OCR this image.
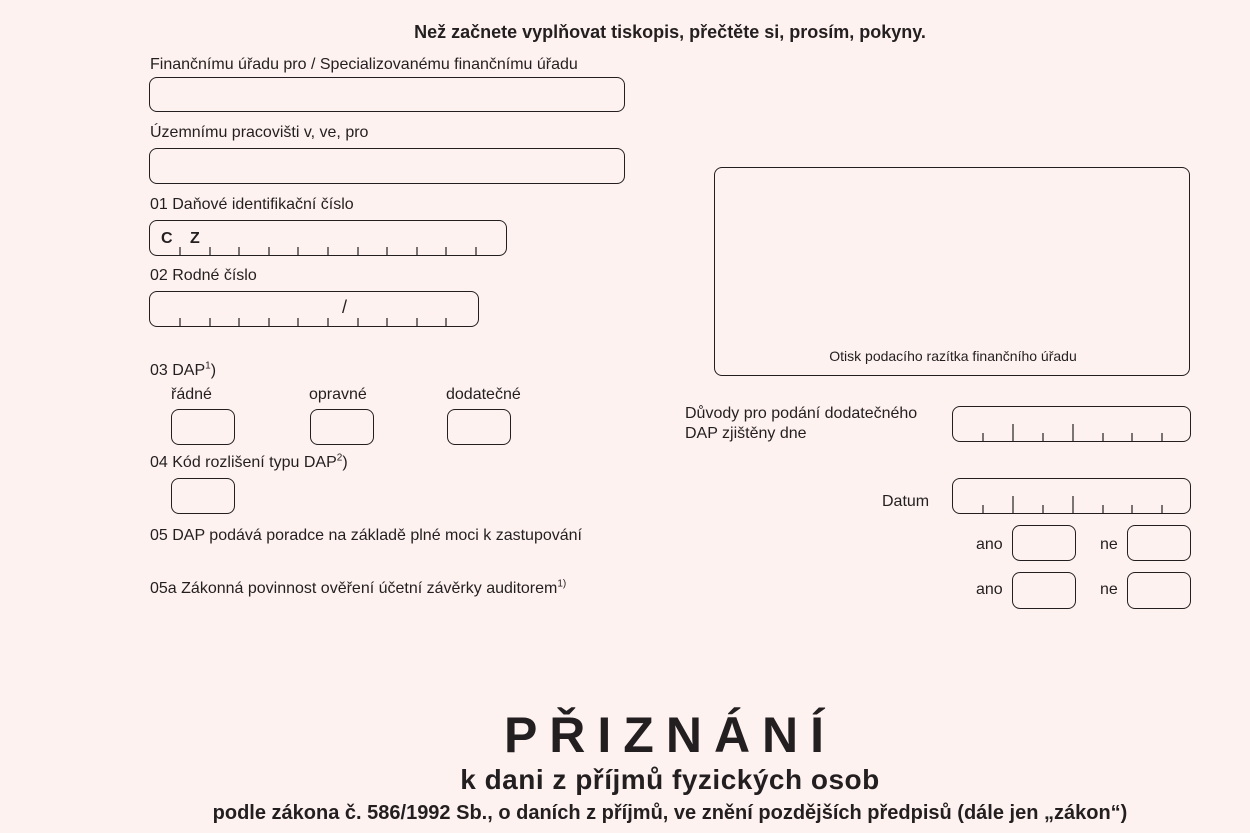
Než začnete vyplňovat tiskopis, přečtěte si, prosím, pokyny.
Finančnímu úřadu pro / Specializovanému finančnímu úřadu
Územnímu pracovišti v, ve, pro
01 Daňové identifikační číslo
C Z
02 Rodné číslo
/
03 DAP$^1$)
řádné	opravné	dodatečné
04 Kód rozlišení typu DAP$^2$)
Otisk podacího razítka finančního úřadu
Důvody pro podání dodatečného
DAP zjištěny dne
Datum
05 DAP podává poradce na základě plné moci k zastupování
ano	ne
05a Zákonná povinnost ověření účetní závěrky auditorem$^{1)}$	ano	ne
PŘIZNÁNÍ
k dani z příjmů fyzických osob
podle zákona č. 586/1992 Sb., o daních z příjmů, ve znění pozdějších předpisů (dále jen „zákon“)
